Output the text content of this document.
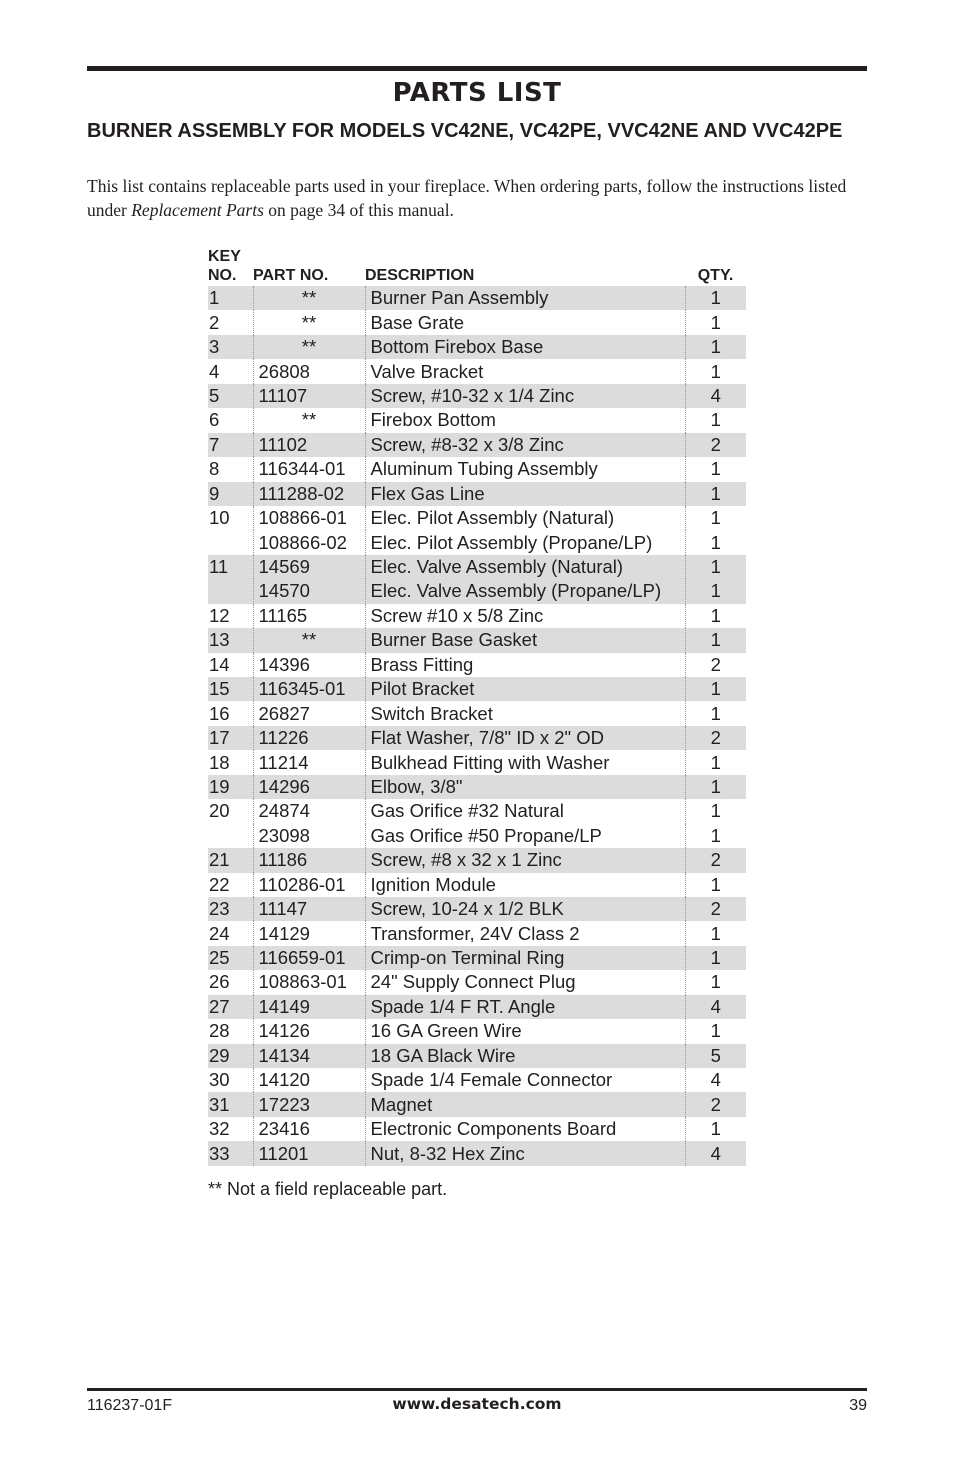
PARTS LIST
BURNER ASSEMBLY FOR MODELS VC42NE, VC42PE, VVC42NE AND VVC42PE

This list contains replaceable parts used in your fireplace. When ordering parts, follow the instructions listed under Replacement Parts on page 34 of this manual.

KEY
NO.	PART NO.	DESCRIPTION	QTY.
1	**	Burner Pan Assembly	1
2	**	Base Grate	1
3	**	Bottom Firebox Base	1
4	26808	Valve Bracket	1
5	11107	Screw, #10-32 x 1/4 Zinc	4
6	**	Firebox Bottom	1
7	11102	Screw, #8-32 x 3/8 Zinc	2
8	116344-01	Aluminum Tubing Assembly	1
9	111288-02	Flex Gas Line	1
10	108866-01	Elec. Pilot Assembly (Natural)	1
	108866-02	Elec. Pilot Assembly (Propane/LP)	1
11	14569	Elec. Valve Assembly (Natural)	1
	14570	Elec. Valve Assembly (Propane/LP)	1
12	11165	Screw #10 x 5/8 Zinc	1
13	**	Burner Base Gasket	1
14	14396	Brass Fitting	2
15	116345-01	Pilot Bracket	1
16	26827	Switch Bracket	1
17	11226	Flat Washer, 7/8" ID x 2" OD	2
18	11214	Bulkhead Fitting with Washer	1
19	14296	Elbow, 3/8"	1
20	24874	Gas Orifice #32 Natural	1
	23098	Gas Orifice #50 Propane/LP	1
21	11186	Screw, #8 x 32 x 1 Zinc	2
22	110286-01	Ignition Module	1
23	11147	Screw, 10-24 x 1/2 BLK	2
24	14129	Transformer, 24V Class 2	1
25	116659-01	Crimp-on Terminal Ring	1
26	108863-01	24" Supply Connect Plug	1
27	14149	Spade 1/4 F RT. Angle	4
28	14126	16 GA Green Wire	1
29	14134	18 GA Black Wire	5
30	14120	Spade 1/4 Female Connector	4
31	17223	Magnet	2
32	23416	Electronic Components Board	1
33	11201	Nut, 8-32 Hex Zinc	4

** Not a field replaceable part.

116237-01F	www.desatech.com	39
